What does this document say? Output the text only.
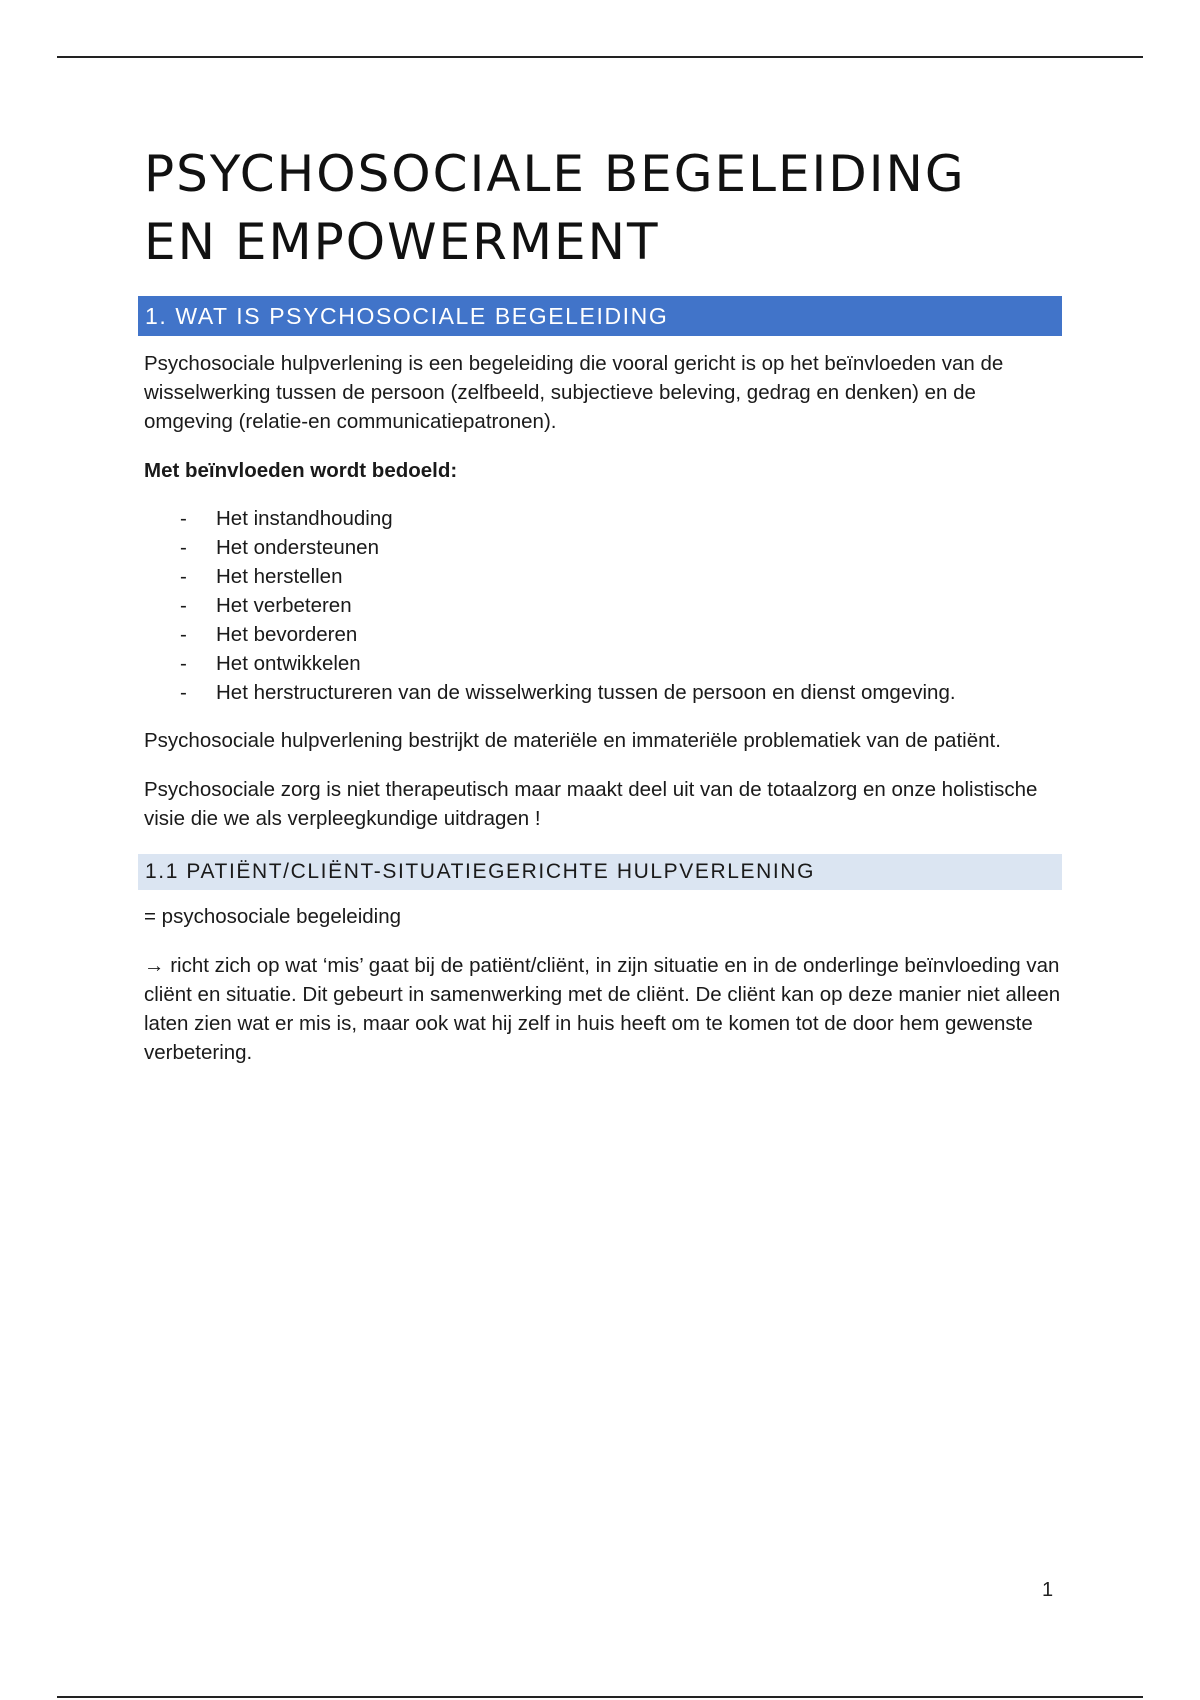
PSYCHOSOCIALE BEGELEIDING
EN EMPOWERMENT
1. WAT IS PSYCHOSOCIALE BEGELEIDING

Psychosociale hulpverlening is een begeleiding die vooral gericht is op het beïnvloeden van de wisselwerking tussen de persoon (zelfbeeld, subjectieve beleving, gedrag en denken) en de omgeving (relatie-en communicatiepatronen).

Met beïnvloeden wordt bedoeld:

- Het instandhouding
- Het ondersteunen
- Het herstellen
- Het verbeteren
- Het bevorderen
- Het ontwikkelen
- Het herstructureren van de wisselwerking tussen de persoon en dienst omgeving.

Psychosociale hulpverlening bestrijkt de materiële en immateriële problematiek van de patiënt.

Psychosociale zorg is niet therapeutisch maar maakt deel uit van de totaalzorg en onze holistische visie die we als verpleegkundige uitdragen !

1.1 PATIËNT/CLIËNT-SITUATIEGERICHTE HULPVERLENING

= psychosociale begeleiding

→ richt zich op wat ‘mis’ gaat bij de patiënt/cliënt, in zijn situatie en in de onderlinge beïnvloeding van cliënt en situatie. Dit gebeurt in samenwerking met de cliënt. De cliënt kan op deze manier niet alleen laten zien wat er mis is, maar ook wat hij zelf in huis heeft om te komen tot de door hem gewenste verbetering.

1
